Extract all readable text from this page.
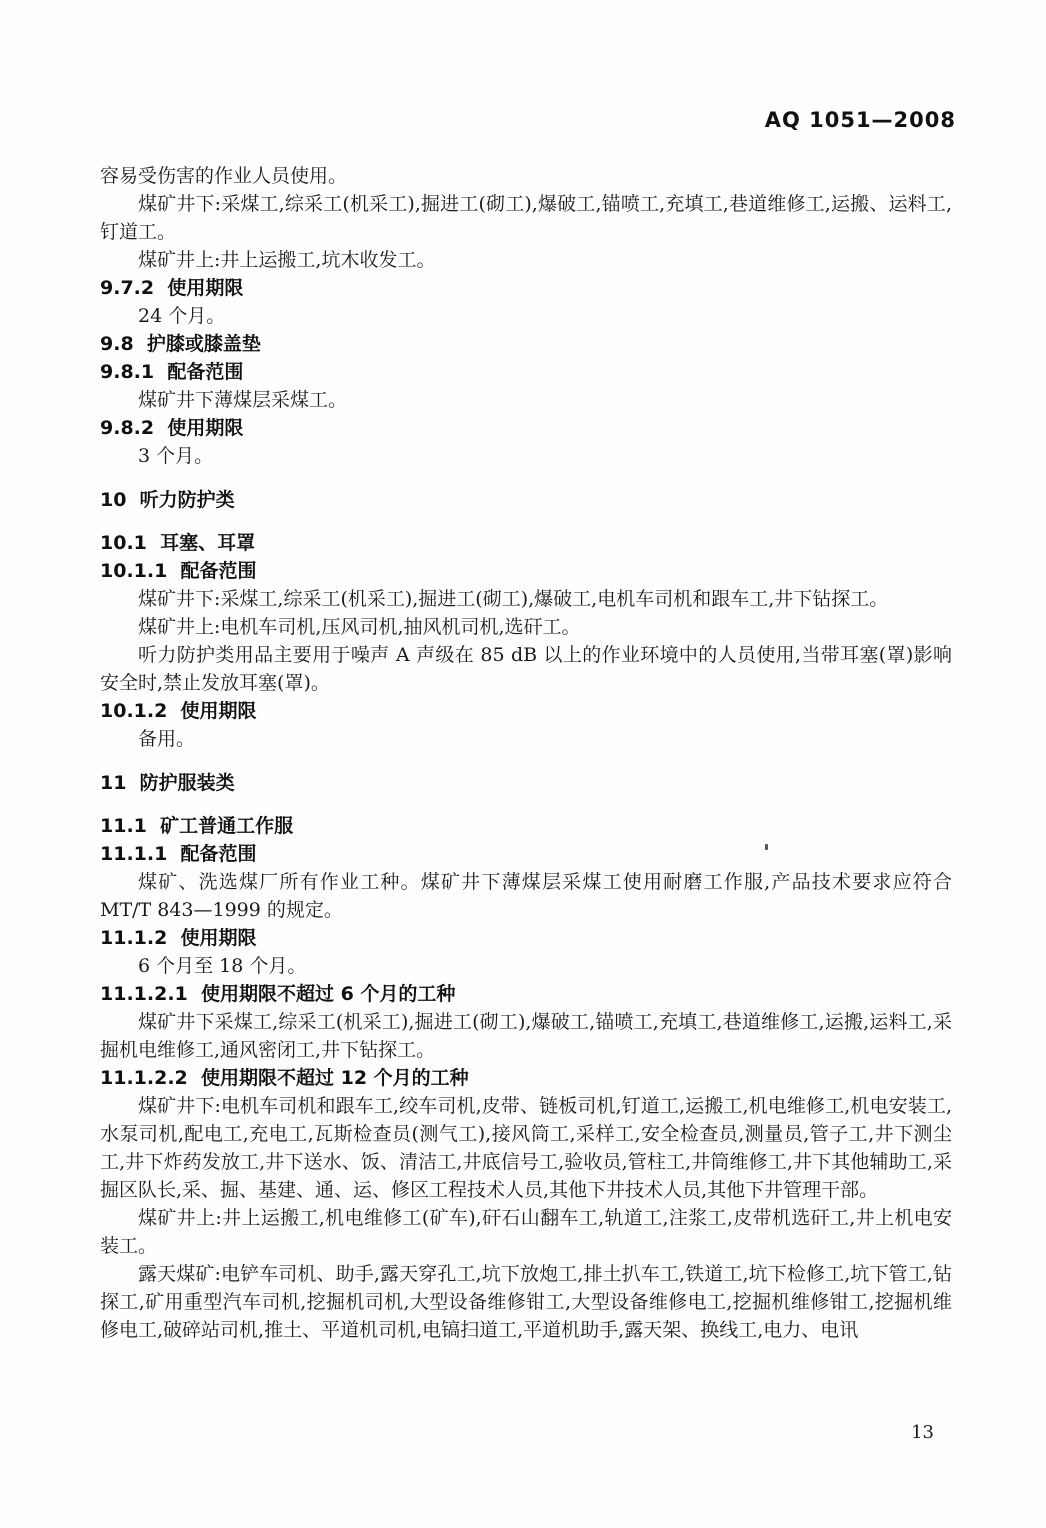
AQ 1051—2008

容易受伤害的作业人员使用。

煤矿井下:采煤工,综采工(机采工),掘进工(砌工),爆破工,锚喷工,充填工,巷道维修工,运搬、运料工,钉道工。

煤矿井上:井上运搬工,坑木收发工。

9.7.2  使用期限

24 个月。

9.8  护膝或膝盖垫
9.8.1  配备范围

煤矿井下薄煤层采煤工。

9.8.2  使用期限

3 个月。

10  听力防护类
10.1  耳塞、耳罩
10.1.1  配备范围

煤矿井下:采煤工,综采工(机采工),掘进工(砌工),爆破工,电机车司机和跟车工,井下钻探工。

煤矿井上:电机车司机,压风司机,抽风机司机,选矸工。

听力防护类用品主要用于噪声 A 声级在 85 dB 以上的作业环境中的人员使用,当带耳塞(罩)影响安全时,禁止发放耳塞(罩)。

10.1.2  使用期限

备用。

11  防护服装类
11.1  矿工普通工作服
11.1.1  配备范围

煤矿、洗选煤厂所有作业工种。煤矿井下薄煤层采煤工使用耐磨工作服,产品技术要求应符合 MT/T 843—1999 的规定。

11.1.2  使用期限

6 个月至 18 个月。

11.1.2.1  使用期限不超过 6 个月的工种

煤矿井下采煤工,综采工(机采工),掘进工(砌工),爆破工,锚喷工,充填工,巷道维修工,运搬,运料工,采掘机电维修工,通风密闭工,井下钻探工。

11.1.2.2  使用期限不超过 12 个月的工种

煤矿井下:电机车司机和跟车工,绞车司机,皮带、链板司机,钉道工,运搬工,机电维修工,机电安装工,水泵司机,配电工,充电工,瓦斯检查员(测气工),接风筒工,采样工,安全检查员,测量员,管子工,井下测尘工,井下炸药发放工,井下送水、饭、清洁工,井底信号工,验收员,管柱工,井筒维修工,井下其他辅助工,采掘区队长,采、掘、基建、通、运、修区工程技术人员,其他下井技术人员,其他下井管理干部。

煤矿井上:井上运搬工,机电维修工(矿车),矸石山翻车工,轨道工,注浆工,皮带机选矸工,井上机电安装工。

露天煤矿:电铲车司机、助手,露天穿孔工,坑下放炮工,排土扒车工,铁道工,坑下检修工,坑下管工,钻探工,矿用重型汽车司机,挖掘机司机,大型设备维修钳工,大型设备维修电工,挖掘机维修钳工,挖掘机维修电工,破碎站司机,推土、平道机司机,电镐扫道工,平道机助手,露天架、换线工,电力、电讯

13
